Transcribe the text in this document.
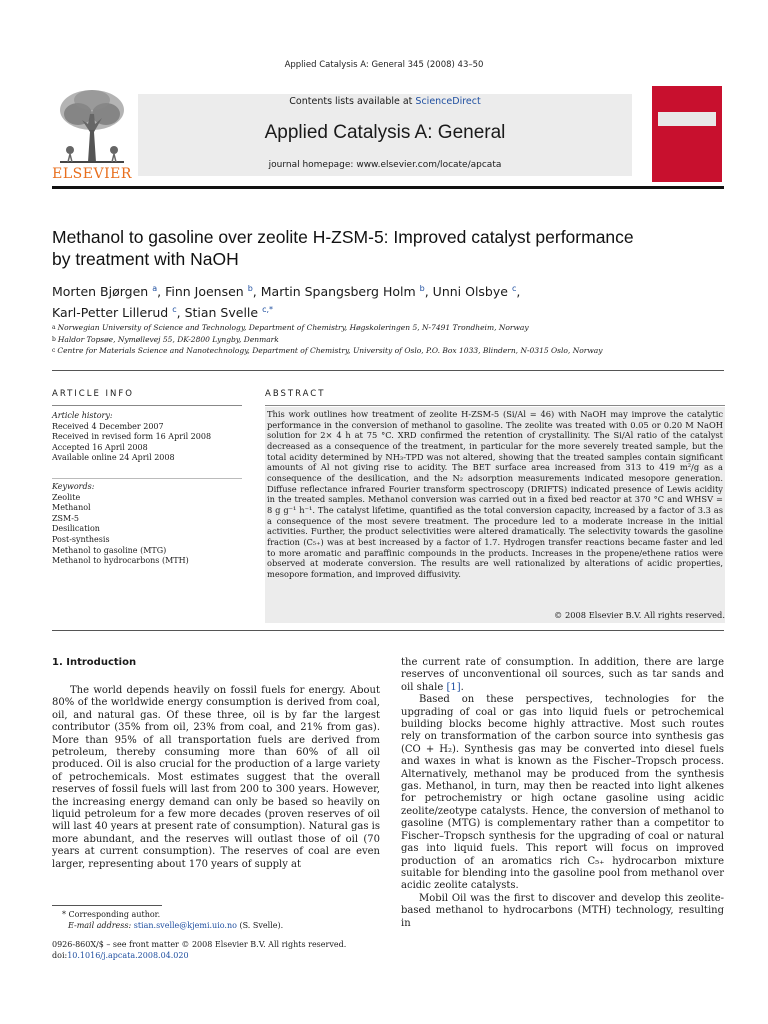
Applied Catalysis A: General 345 (2008) 43–50
ELSEVIER
Contents lists available at ScienceDirect
Applied Catalysis A: General
journal homepage: www.elsevier.com/locate/apcata
Methanol to gasoline over zeolite H-ZSM-5: Improved catalyst performance
by treatment with NaOH
Morten Bjørgen $^a$, Finn Joensen $^b$, Martin Spangsberg Holm $^b$, Unni Olsbye $^c$,
Karl-Petter Lillerud $^c$, Stian Svelle $^{c,*}$
$^a$ Norwegian University of Science and Technology, Department of Chemistry, Høgskoleringen 5, N-7491 Trondheim, Norway
$^b$ Haldor Topsøe, Nymøllevej 55, DK-2800 Lyngby, Denmark
$^c$ Centre for Materials Science and Nanotechnology, Department of Chemistry, University of Oslo, P.O. Box 1033, Blindern, N-0315 Oslo, Norway
ARTICLE INFO	ABSTRACT
Article history:
Received 4 December 2007
Received in revised form 16 April 2008
Accepted 16 April 2008
Available online 24 April 2008
Keywords:
Zeolite
Methanol
ZSM-5
Desilication
Post-synthesis
Methanol to gasoline (MTG)
Methanol to hydrocarbons (MTH)
This work outlines how treatment of zeolite H-ZSM-5 (Si/Al = 46) with NaOH may improve the catalytic performance in the conversion of methanol to gasoline. The zeolite was treated with 0.05 or 0.20 M NaOH solution for 2× 4 h at 75 °C. XRD confirmed the retention of crystallinity. The Si/Al ratio of the catalyst decreased as a consequence of the treatment, in particular for the more severely treated sample, but the total acidity determined by NH₃-TPD was not altered, showing that the treated samples contain significant amounts of Al not giving rise to acidity. The BET surface area increased from 313 to 419 m²/g as a consequence of the desilication, and the N₂ adsorption measurements indicated mesopore generation. Diffuse reflectance infrared Fourier transform spectroscopy (DRIFTS) indicated presence of Lewis acidity in the treated samples. Methanol conversion was carried out in a fixed bed reactor at 370 °C and WHSV = 8 g g⁻¹ h⁻¹. The catalyst lifetime, quantified as the total conversion capacity, increased by a factor of 3.3 as a consequence of the most severe treatment. The procedure led to a moderate increase in the initial activities. Further, the product selectivities were altered dramatically. The selectivity towards the gasoline fraction (C₅₊) was at best increased by a factor of 1.7. Hydrogen transfer reactions became faster and led to more aromatic and paraffinic compounds in the products. Increases in the propene/ethene ratios were observed at moderate conversion. The results are well rationalized by alterations of acidic properties, mesopore formation, and improved diffusivity.
© 2008 Elsevier B.V. All rights reserved.
1. Introduction

The world depends heavily on fossil fuels for energy. About 80% of the worldwide energy consumption is derived from coal, oil, and natural gas. Of these three, oil is by far the largest contributor (35% from oil, 23% from coal, and 21% from gas). More than 95% of all transportation fuels are derived from petroleum, thereby consuming more than 60% of all oil produced. Oil is also crucial for the production of a large variety of petrochemicals. Most estimates suggest that the overall reserves of fossil fuels will last from 200 to 300 years. However, the increasing energy demand can only be based so heavily on liquid petroleum for a few more decades (proven reserves of oil will last 40 years at present rate of consumption). Natural gas is more abundant, and the reserves will outlast those of oil (70 years at current consumption). The reserves of coal are even larger, representing about 170 years of supply at

the current rate of consumption. In addition, there are large reserves of unconventional oil sources, such as tar sands and oil shale [1].

Based on these perspectives, technologies for the upgrading of coal or gas into liquid fuels or petrochemical building blocks become highly attractive. Most such routes rely on transformation of the carbon source into synthesis gas (CO + H₂). Synthesis gas may be converted into diesel fuels and waxes in what is known as the Fischer–Tropsch process. Alternatively, methanol may be produced from the synthesis gas. Methanol, in turn, may then be reacted into light alkenes for petrochemistry or high octane gasoline using acidic zeolite/zeotype catalysts. Hence, the conversion of methanol to gasoline (MTG) is complementary rather than a competitor to Fischer–Tropsch synthesis for the upgrading of coal or natural gas into liquid fuels. This report will focus on improved production of an aromatics rich C₅₊ hydrocarbon mixture suitable for blending into the gasoline pool from methanol over acidic zeolite catalysts.

Mobil Oil was the first to discover and develop this zeolite-based methanol to hydrocarbons (MTH) technology, resulting in

* Corresponding author.
E-mail address: stian.svelle@kjemi.uio.no (S. Svelle).
0926-860X/$ – see front matter © 2008 Elsevier B.V. All rights reserved.
doi:10.1016/j.apcata.2008.04.020
